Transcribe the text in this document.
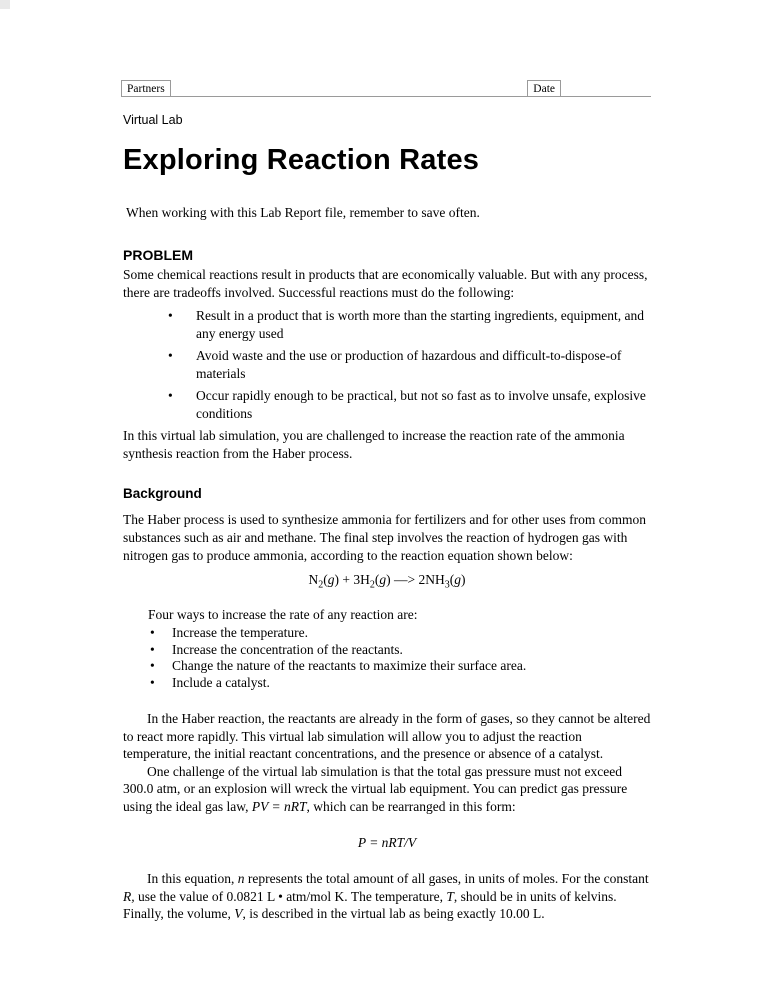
Partners	Date

Virtual Lab

Exploring Reaction Rates

When working with this Lab Report file, remember to save often.

PROBLEM

Some chemical reactions result in products that are economically valuable. But with any process, there are tradeoffs involved. Successful reactions must do the following:

• Result in a product that is worth more than the starting ingredients, equipment, and any energy used
• Avoid waste and the use or production of hazardous and difficult-to-dispose-of materials
• Occur rapidly enough to be practical, but not so fast as to involve unsafe, explosive conditions

In this virtual lab simulation, you are challenged to increase the reaction rate of the ammonia synthesis reaction from the Haber process.

Background

The Haber process is used to synthesize ammonia for fertilizers and for other uses from common substances such as air and methane. The final step involves the reaction of hydrogen gas with nitrogen gas to produce ammonia, according to the reaction equation shown below:

$N_2(g) + 3H_2(g)$ —> $2NH_3(g)$

Four ways to increase the rate of any reaction are:

• Increase the temperature.
• Increase the concentration of the reactants.
• Change the nature of the reactants to maximize their surface area.
• Include a catalyst.

In the Haber reaction, the reactants are already in the form of gases, so they cannot be altered to react more rapidly. This virtual lab simulation will allow you to adjust the reaction temperature, the initial reactant concentrations, and the presence or absence of a catalyst.

One challenge of the virtual lab simulation is that the total gas pressure must not exceed 300.0 atm, or an explosion will wreck the virtual lab equipment. You can predict gas pressure using the ideal gas law, PV = nRT, which can be rearranged in this form:

P = nRT/V

In this equation, n represents the total amount of all gases, in units of moles. For the constant R, use the value of 0.0821 L • atm/mol K. The temperature, T, should be in units of kelvins. Finally, the volume, V, is described in the virtual lab as being exactly 10.00 L.
